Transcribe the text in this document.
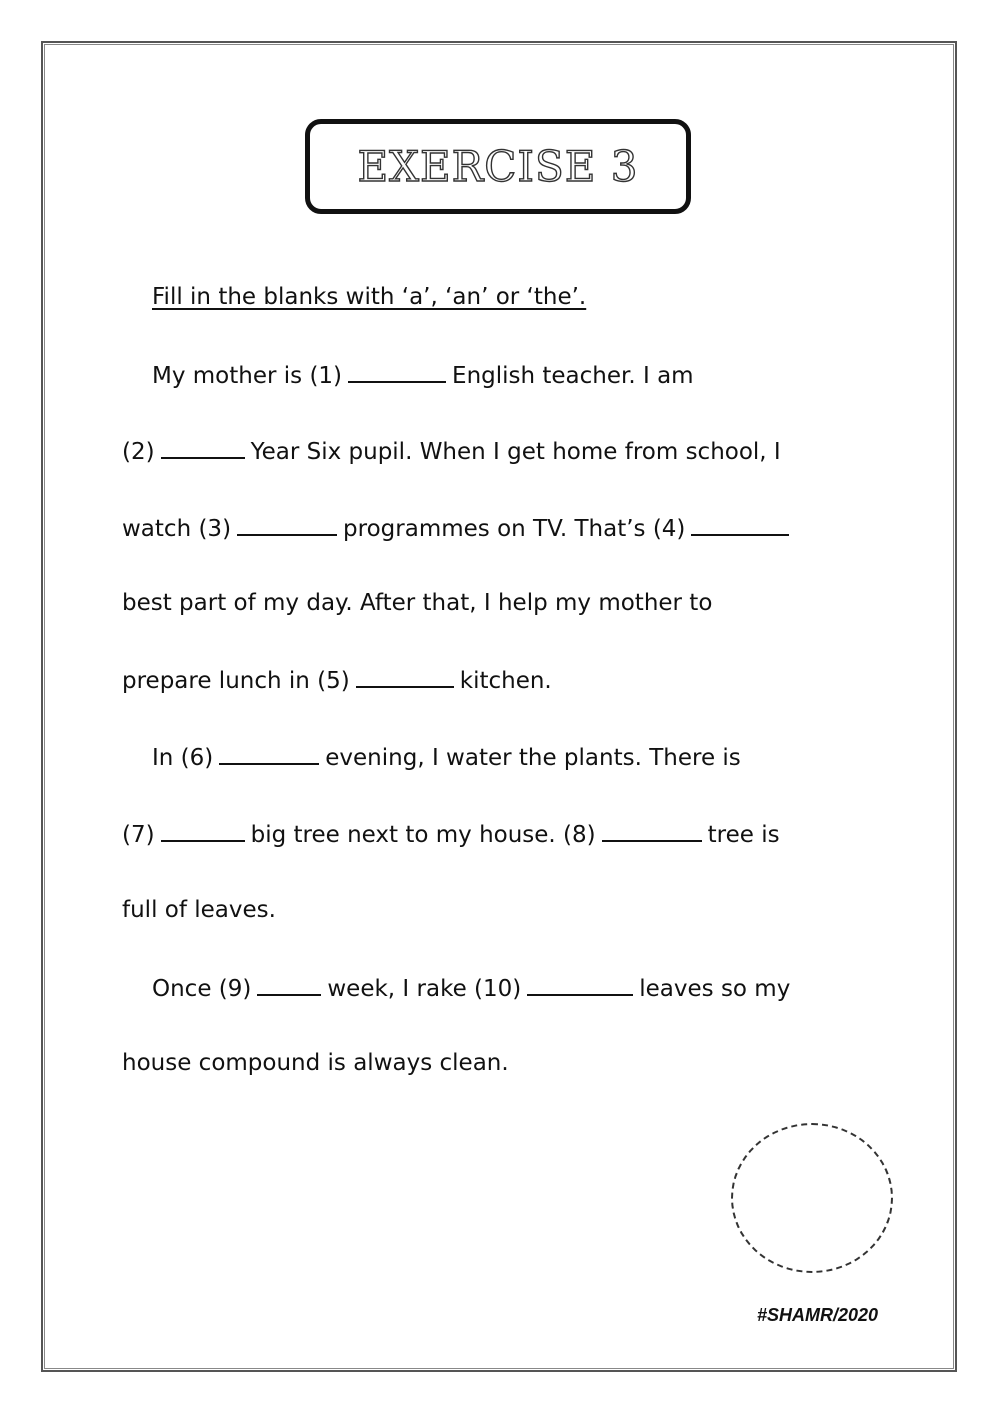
EXERCISE 3
Fill in the blanks with ‘a’, ‘an’ or ‘the’.
My mother is (1)	English teacher. I am
(2)	Year Six pupil. When I get home from school, I
watch (3)	programmes on TV. That’s (4)
best part of my day. After that, I help my mother to
prepare lunch in (5)	kitchen.
In (6)	evening, I water the plants. There is
(7)	big tree next to my house. (8)	tree is
full of leaves.
Once (9)	week, I rake (10)	leaves so my
house compound is always clean.
#SHAMR/2020
